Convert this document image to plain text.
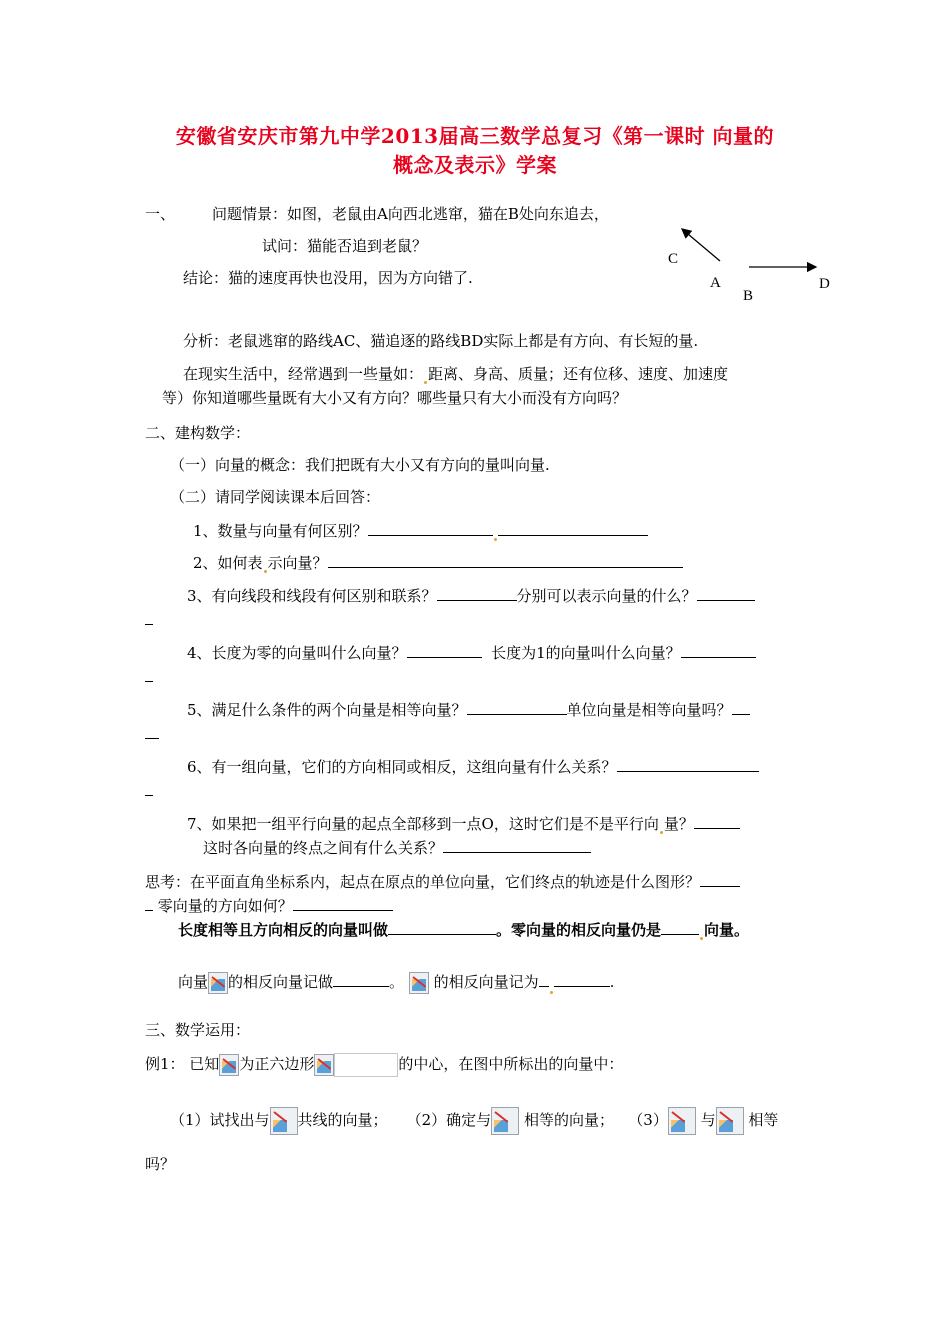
安徽省安庆市第九中学2013届高三数学总复习《第一课时 向量的
概念及表示》学案
一、 问题情景：如图，老鼠由A向西北逃窜，猫在B处向东追去，
试问：猫能否追到老鼠？
结论：猫的速度再快也没用，因为方向错了.
C
A
B
D
分析：老鼠逃窜的路线AC、猫追逐的路线BD实际上都是有方向、有长短的量.
在现实生活中，经常遇到一些量如： 距离、身高、质量；还有位移、速度、加速度
等）你知道哪些量既有大小又有方向？哪些量只有大小而没有方向吗？
二、建构数学：
（一）向量的概念：我们把既有大小又有方向的量叫向量.
（二）请同学阅读课本后回答：
1、数量与向量有何区别？
2、如何表 示向量？
3、有向线段和线段有何区别和联系？	分别可以表示向量的什么？
4、长度为零的向量叫什么向量？	长度为1的向量叫什么向量？
5、满足什么条件的两个向量是相等向量？	单位向量是相等向量吗？
6、有一组向量，它们的方向相同或相反，这组向量有什么关系？
7、如果把一组平行向量的起点全部移到一点O，这时它们是不是平行向 量？
这时各向量的终点之间有什么关系？
思考：在平面直角坐标系内，起点在原点的单位向量，它们终点的轨迹是什么图形？
零向量的方向如何？
长度相等且方向相反的向量叫做	。零向量的相反向量仍是	向量。
向量 的相反向量记做	。 的相反向量记为	.
三、数学运用：
例1： 已知 为正六边形	的中心，在图中所标出的向量中：
（1）试找出与 共线的向量； （2）确定与 相等的向量； （3） 与 相等
吗？
